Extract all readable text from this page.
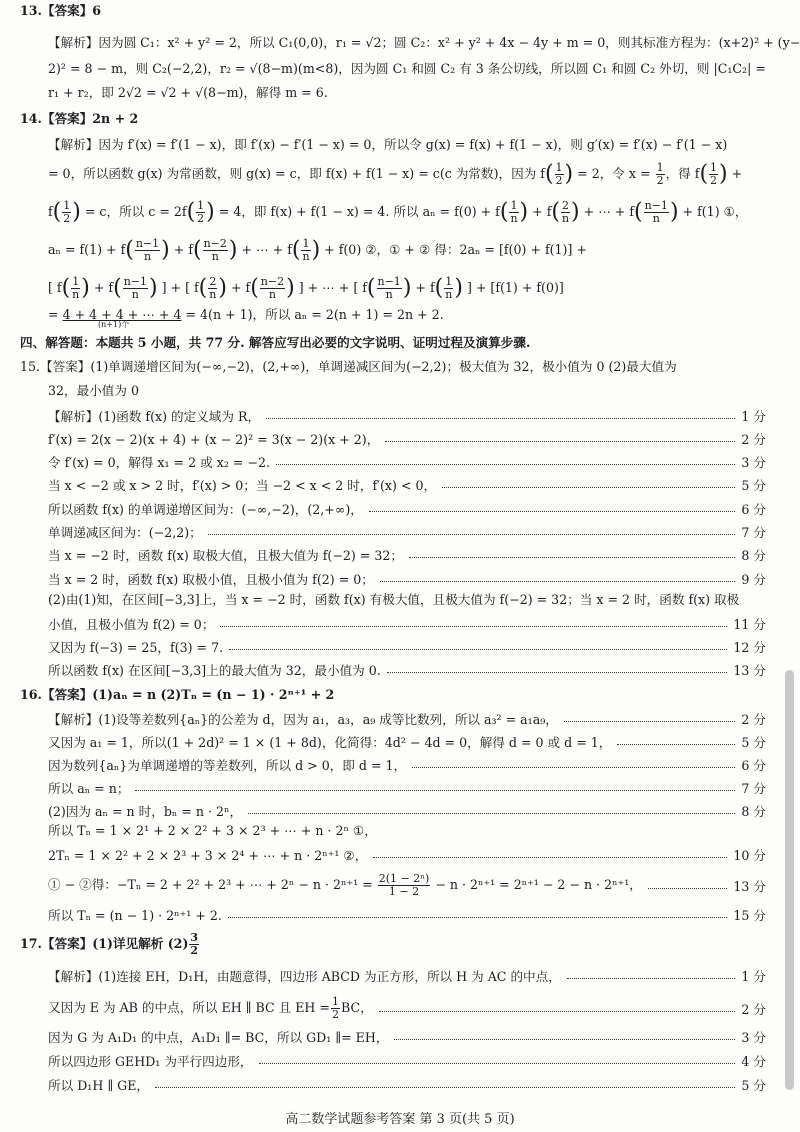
13.【答案】6
【解析】因为圆 C₁：x² + y² = 2，所以 C₁(0,0)，r₁ = √2；圆 C₂：x² + y² + 4x − 4y + m = 0，则其标准方程为：(x+2)² + (y−
2)² = 8 − m，则 C₂(−2,2)，r₂ = √(8−m)(m<8)，因为圆 C₁ 和圆 C₂ 有 3 条公切线，所以圆 C₁ 和圆 C₂ 外切，则 |C₁C₂| =
r₁ + r₂，即 2√2 = √2 + √(8−m)，解得 m = 6.
14.【答案】2n + 2
【解析】因为 f′(x) = f′(1 − x)，即 f′(x) − f′(1 − x) = 0，所以令 g(x) = f(x) + f(1 − x)，则 g′(x) = f′(x) − f′(1 − x)
= 0，所以函数 g(x) 为常函数，则 g(x) = c，即 f(x) + f(1 − x) = c(c 为常数)，因为 $f( \frac{1}{2}$ ) = 2，令 $x = \frac{1}{2}$ ，得 $f( \frac{1}{2}$ ) +
$f( \frac{1}{2}$ ) = c，所以 $c = 2f( \frac{1}{2}$ ) = 4，即 f(x) + f(1 − x) = 4. 所以 $a_n = f(0) + f( \frac{1}{n}$ ) + $f( \frac{2}{n}$ ) + ⋯ + $f( \frac{n-1}{n}$ ) + f(1) ①，
$a_n = f(1) + f( \frac{n-1}{n}$ ) + $f( \frac{n-2}{n}$ ) + ⋯ + $f( \frac{1}{n}$ ) + f(0) ②，① + ② 得：2aₙ = [f(0) + f(1)] +
[ $f( \frac{1}{n}$ ) + $f( \frac{n-1}{n}$ ) ] + [ $f( \frac{2}{n}$ ) + $f( \frac{n-2}{n}$ ) ] + ⋯ + [ $f( \frac{n-1}{n}$ ) + $f( \frac{1}{n}$ ) ] + [f(1) + f(0)]
= 4 + 4 + 4 + ⋯ + 4 = 4(n + 1)，所以 aₙ = 2(n + 1) = 2n + 2.
(n+1)个
四、解答题：本题共 5 小题，共 77 分. 解答应写出必要的文字说明、证明过程及演算步骤.
15.【答案】(1)单调递增区间为(−∞,−2)，(2,+∞)，单调递减区间为(−2,2)；极大值为 32，极小值为 0 (2)最大值为
32，最小值为 0
【解析】(1)函数 f(x) 的定义域为 R，	1 分
f′(x) = 2(x − 2)(x + 4) + (x − 2)² = 3(x − 2)(x + 2)，	2 分
令 f′(x) = 0，解得 x₁ = 2 或 x₂ = −2.	3 分
当 x < −2 或 x > 2 时，f′(x) > 0；当 −2 < x < 2 时，f′(x) < 0，	5 分
所以函数 f(x) 的单调递增区间为：(−∞,−2)，(2,+∞)，	6 分
单调递减区间为：(−2,2)；	7 分
当 x = −2 时，函数 f(x) 取极大值，且极大值为 f(−2) = 32；	8 分
当 x = 2 时，函数 f(x) 取极小值，且极小值为 f(2) = 0；	9 分
(2)由(1)知，在区间[−3,3]上，当 x = −2 时，函数 f(x) 有极大值，且极大值为 f(−2) = 32；当 x = 2 时，函数 f(x) 取极
小值，且极小值为 f(2) = 0；	11 分
又因为 f(−3) = 25，f(3) = 7.	12 分
所以函数 f(x) 在区间[−3,3]上的最大值为 32，最小值为 0.	13 分
16.【答案】(1)aₙ = n (2)Tₙ = (n − 1) · 2ⁿ⁺¹ + 2
【解析】(1)设等差数列{aₙ}的公差为 d，因为 a₁，a₃，a₉ 成等比数列，所以 a₃² = a₁a₉，	2 分
又因为 a₁ = 1，所以(1 + 2d)² = 1 × (1 + 8d)，化简得：4d² − 4d = 0，解得 d = 0 或 d = 1，	5 分
因为数列{aₙ}为单调递增的等差数列，所以 d > 0，即 d = 1，	6 分
所以 aₙ = n；	7 分
(2)因为 aₙ = n 时，bₙ = n · 2ⁿ，	8 分
所以 Tₙ = 1 × 2¹ + 2 × 2² + 3 × 2³ + ⋯ + n · 2ⁿ ①，
2Tₙ = 1 × 2² + 2 × 2³ + 3 × 2⁴ + ⋯ + n · 2ⁿ⁺¹ ②，	10 分
① − ②得：−Tₙ = 2 + 2² + 2³ + ⋯ + $2^n - n \cdot 2^{n+1} = \frac{\text{2(1 − 2ⁿ)}}{1 - 2} - n \cdot 2^{n+1} = 2^{n+1} - 2 - n \cdot 2^{n+1}$，	13 分
所以 Tₙ = (n − 1) · 2ⁿ⁺¹ + 2.	15 分
17.【答案】(1)详见解析 $(2) \frac{3}{2}$
【解析】(1)连接 EH，D₁H，由题意得，四边形 ABCD 为正方形，所以 H 为 AC 的中点，	1 分
又因为 E 为 AB 的中点，所以 EH ∥ BC 且 EH = $\frac{1}{2}$ BC，	2 分
因为 G 为 A₁D₁ 的中点，A₁D₁ ∥= BC，所以 GD₁ ∥= EH，	3 分
所以四边形 GEHD₁ 为平行四边形，	4 分
所以 D₁H ∥ GE，	5 分
高二数学试题参考答案 第 3 页(共 5 页)
